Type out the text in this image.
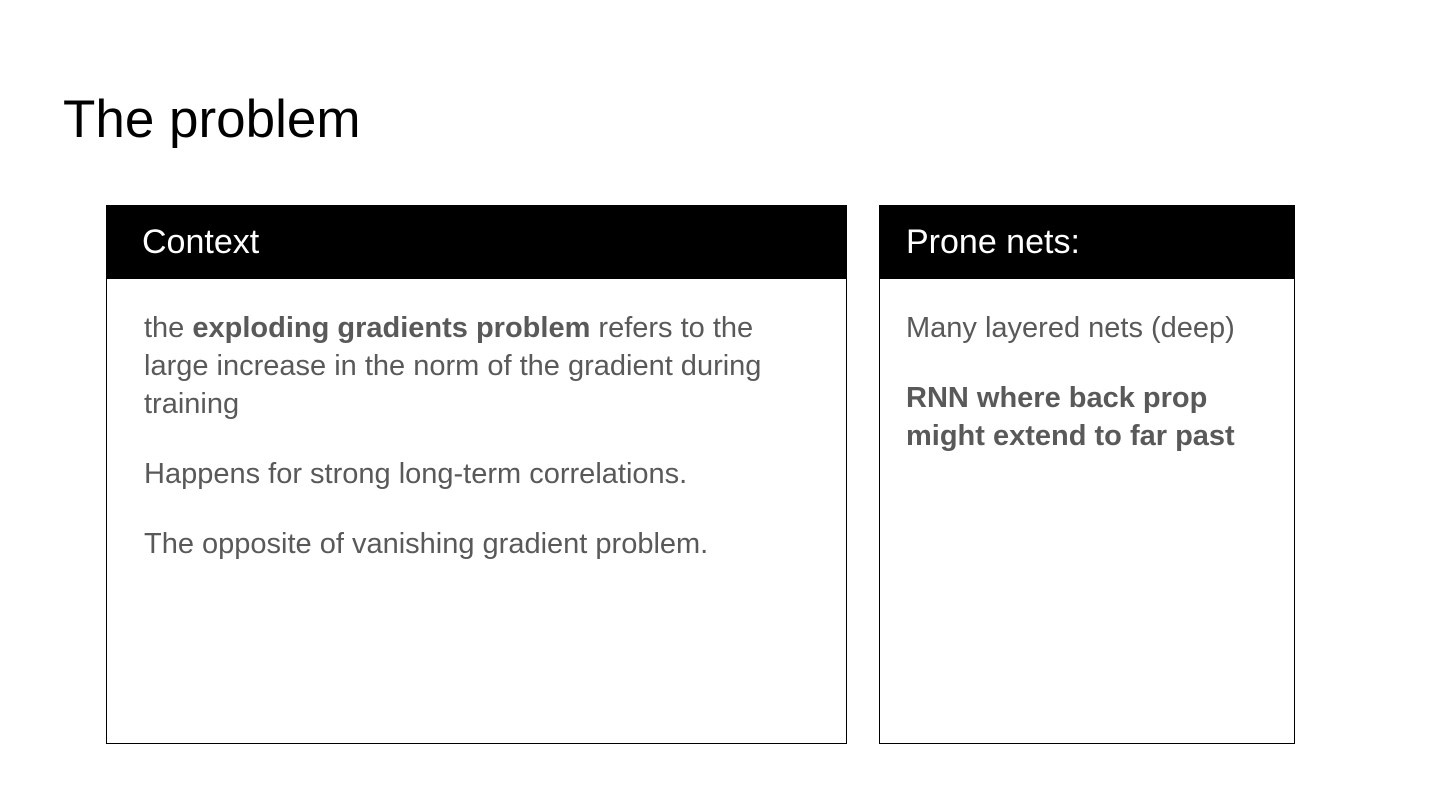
The problem
Context

the exploding gradients problem refers to the large increase in the norm of the gradient during training

Happens for strong long-term correlations.

The opposite of vanishing gradient problem.

Prone nets:

Many layered nets (deep)

RNN where back prop might extend to far past
